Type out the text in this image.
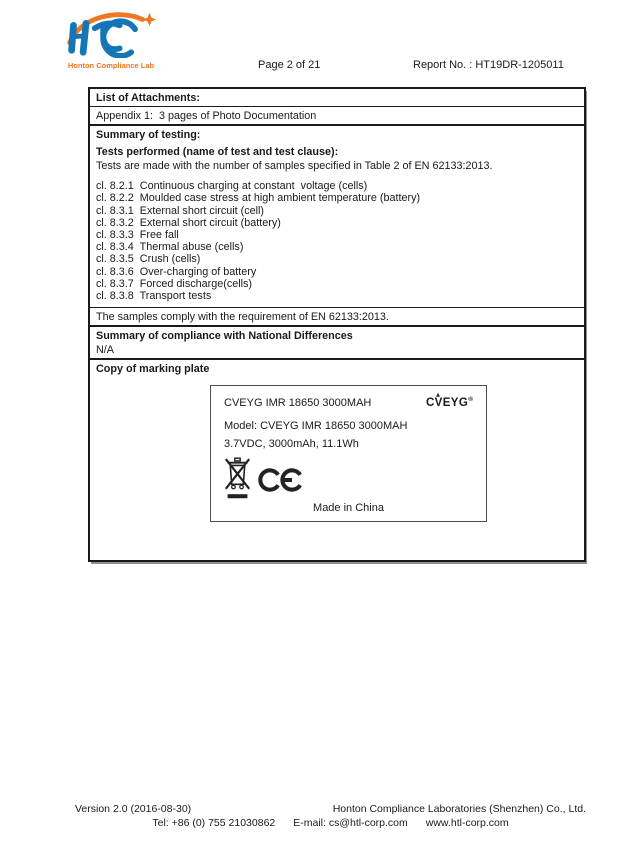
Honton Compliance Lab	Page 2 of 21	Report No. : HT19DR-1205011
List of Attachments:
Appendix 1:  3 pages of Photo Documentation
Summary of testing:
Tests performed (name of test and test clause):
Tests are made with the number of samples specified in Table 2 of EN 62133:2013.
cl. 8.2.1  Continuous charging at constant  voltage (cells)
cl. 8.2.2  Moulded case stress at high ambient temperature (battery)
cl. 8.3.1  External short circuit (cell)
cl. 8.3.2  External short circuit (battery)
cl. 8.3.3  Free fall
cl. 8.3.4  Thermal abuse (cells)
cl. 8.3.5  Crush (cells)
cl. 8.3.6  Over-charging of battery
cl. 8.3.7  Forced discharge(cells)
cl. 8.3.8  Transport tests
The samples comply with the requirement of EN 62133:2013.
Summary of compliance with National Differences
N/A
Copy of marking plate
CVEYG IMR 18650 3000MAH	CVEYG®
Model: CVEYG IMR 18650 3000MAH
3.7VDC, 3000mAh, 11.1Wh
Made in China
Version 2.0 (2016-08-30)	Honton Compliance Laboratories (Shenzhen) Co., Ltd.
Tel: +86 (0) 755 21030862 E-mail: cs@htl-corp.com www.htl-corp.com
